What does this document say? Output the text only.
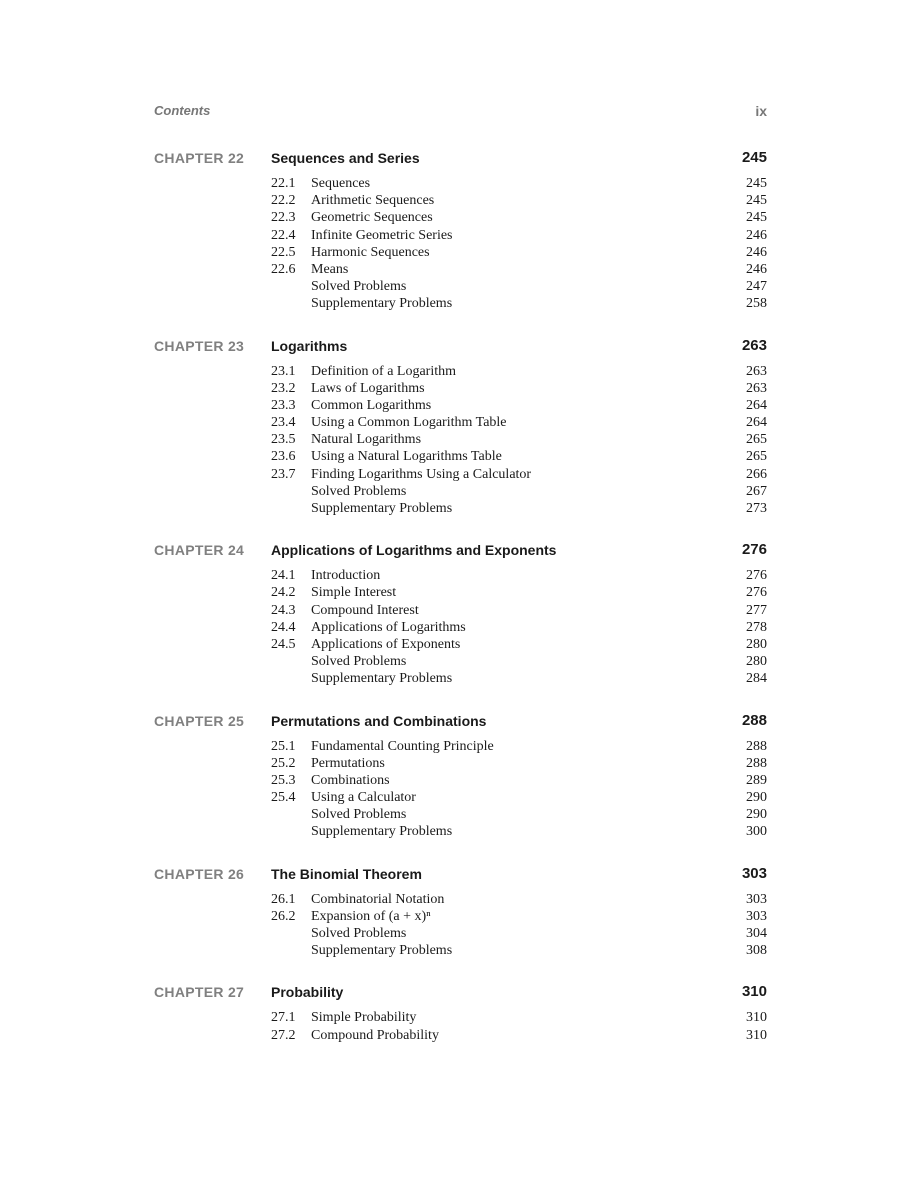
Contents	ix
CHAPTER 22 Sequences and Series	245
22.1 Sequences	245
22.2 Arithmetic Sequences	245
22.3 Geometric Sequences	245
22.4 Infinite Geometric Series	246
22.5 Harmonic Sequences	246
22.6 Means	246
Solved Problems	247
Supplementary Problems	258
CHAPTER 23 Logarithms	263
23.1 Definition of a Logarithm	263
23.2 Laws of Logarithms	263
23.3 Common Logarithms	264
23.4 Using a Common Logarithm Table	264
23.5 Natural Logarithms	265
23.6 Using a Natural Logarithms Table	265
23.7 Finding Logarithms Using a Calculator	266
Solved Problems	267
Supplementary Problems	273
CHAPTER 24 Applications of Logarithms and Exponents	276
24.1 Introduction	276
24.2 Simple Interest	276
24.3 Compound Interest	277
24.4 Applications of Logarithms	278
24.5 Applications of Exponents	280
Solved Problems	280
Supplementary Problems	284
CHAPTER 25 Permutations and Combinations	288
25.1 Fundamental Counting Principle	288
25.2 Permutations	288
25.3 Combinations	289
25.4 Using a Calculator	290
Solved Problems	290
Supplementary Problems	300
CHAPTER 26 The Binomial Theorem	303
26.1 Combinatorial Notation	303
26.2 Expansion of (a + x)ⁿ	303
Solved Problems	304
Supplementary Problems	308
CHAPTER 27 Probability	310
27.1 Simple Probability	310
27.2 Compound Probability	310
